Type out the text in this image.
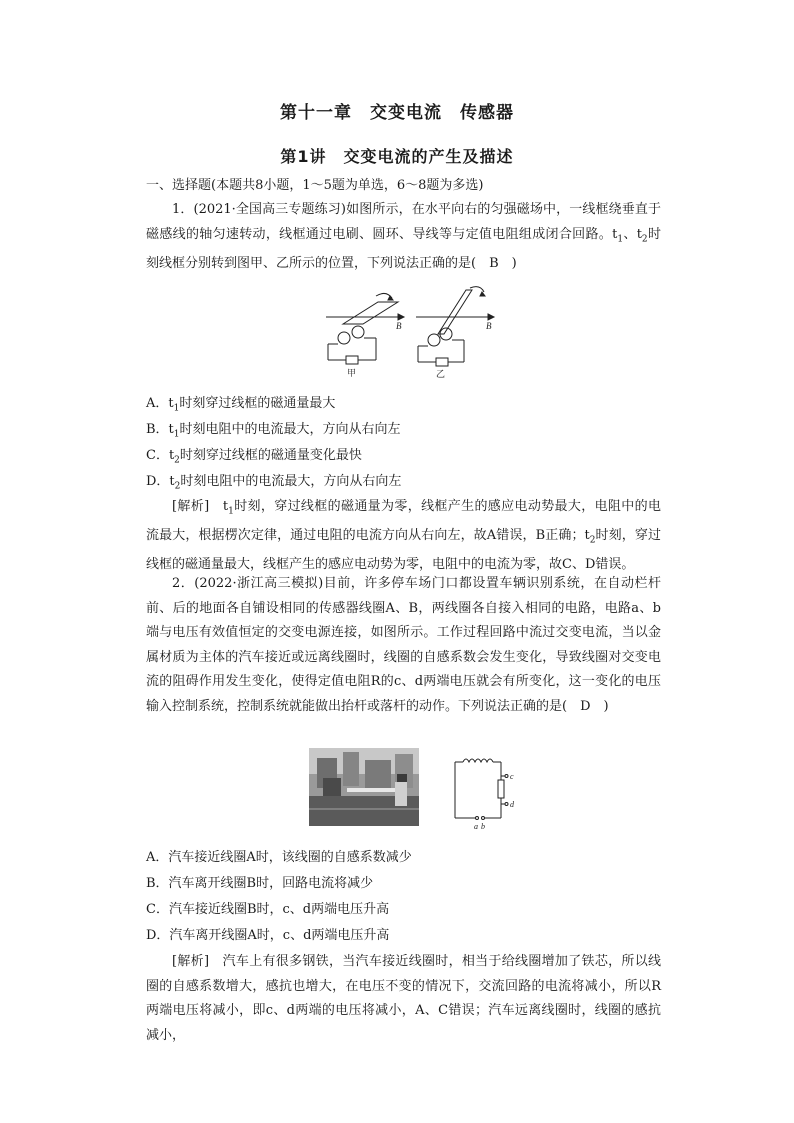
第十一章　交变电流　传感器
第1讲　交变电流的产生及描述
一、选择题(本题共8小题，1～5题为单选，6～8题为多选)
1．(2021·全国高三专题练习)如图所示，在水平向右的匀强磁场中，一线框绕垂直于磁感线的轴匀速转动，线框通过电刷、圆环、导线等与定值电阻组成闭合回路。$t_1$、$t_2$时刻线框分别转到图甲、乙所示的位置，下列说法正确的是(　B　)
B	B
甲	乙
A．$t_1$时刻穿过线框的磁通量最大
B．$t_1$时刻电阻中的电流最大，方向从右向左
C．$t_2$时刻穿过线框的磁通量变化最快
D．$t_2$时刻电阻中的电流最大，方向从右向左
[解析]　$t_1$时刻，穿过线框的磁通量为零，线框产生的感应电动势最大，电阻中的电流最大，根据楞次定律，通过电阻的电流方向从右向左，故A错误，B正确；$t_2$时刻，穿过线框的磁通量最大，线框产生的感应电动势为零，电阻中的电流为零，故C、D错误。
2．(2022·浙江高三模拟)目前，许多停车场门口都设置车辆识别系统，在自动栏杆前、后的地面各自铺设相同的传感器线圈A、B，两线圈各自接入相同的电路，电路a、b端与电压有效值恒定的交变电源连接，如图所示。工作过程回路中流过交变电流，当以金属材质为主体的汽车接近或远离线圈时，线圈的自感系数会发生变化，导致线圈对交变电流的阻碍作用发生变化，使得定值电阻R的c、d两端电压就会有所变化，这一变化的电压输入控制系统，控制系统就能做出抬杆或落杆的动作。下列说法正确的是(　D　)
c
d
a b
A．汽车接近线圈A时，该线圈的自感系数减少
B．汽车离开线圈B时，回路电流将减少
C．汽车接近线圈B时，c、d两端电压升高
D．汽车离开线圈A时，c、d两端电压升高
[解析]　汽车上有很多钢铁，当汽车接近线圈时，相当于给线圈增加了铁芯，所以线圈的自感系数增大，感抗也增大，在电压不变的情况下，交流回路的电流将减小，所以R两端电压将减小，即c、d两端的电压将减小，A、C错误；汽车远离线圈时，线圈的感抗减小，
